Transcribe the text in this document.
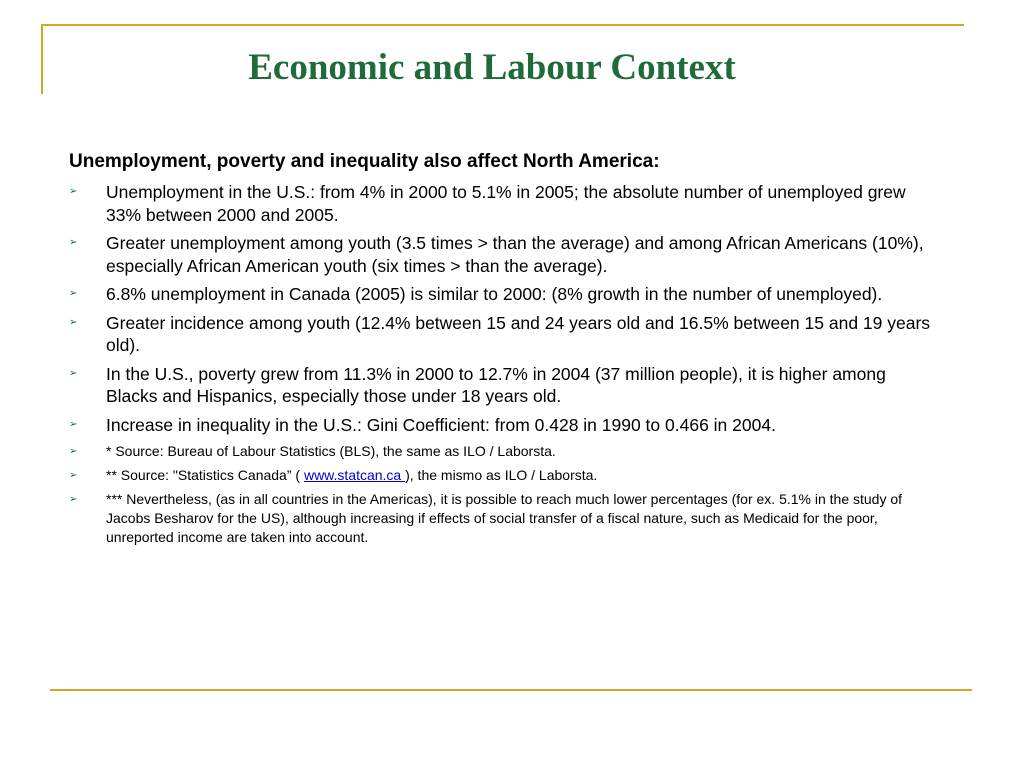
Economic and Labour Context

Unemployment, poverty and inequality also affect North America:

➢ Unemployment in the U.S.: from 4% in 2000 to 5.1% in 2005; the absolute number of unemployed grew 33% between 2000 and 2005.
➢ Greater unemployment among youth (3.5 times > than the average) and among African Americans (10%), especially African American youth (six times > than the average).
➢ 6.8% unemployment in Canada (2005) is similar to 2000: (8% growth in the number of unemployed).
➢ Greater incidence among youth (12.4% between 15 and 24 years old and 16.5% between 15 and 19 years old).
➢ In the U.S., poverty grew from 11.3% in 2000 to 12.7% in 2004 (37 million people), it is higher among Blacks and Hispanics, especially those under 18 years old.
➢ Increase in inequality in the U.S.: Gini Coefficient: from 0.428 in 1990 to 0.466 in 2004.
➢ * Source: Bureau of Labour Statistics (BLS), the same as ILO / Laborsta.
➢ ** Source: "Statistics Canada” ( www.statcan.ca ), the mismo as ILO / Laborsta.
➢ *** Nevertheless, (as in all countries in the Americas), it is possible to reach much lower percentages (for ex. 5.1% in the study of Jacobs Besharov for the US), although increasing if effects of social transfer of a fiscal nature, such as Medicaid for the poor, unreported income are taken into account.
